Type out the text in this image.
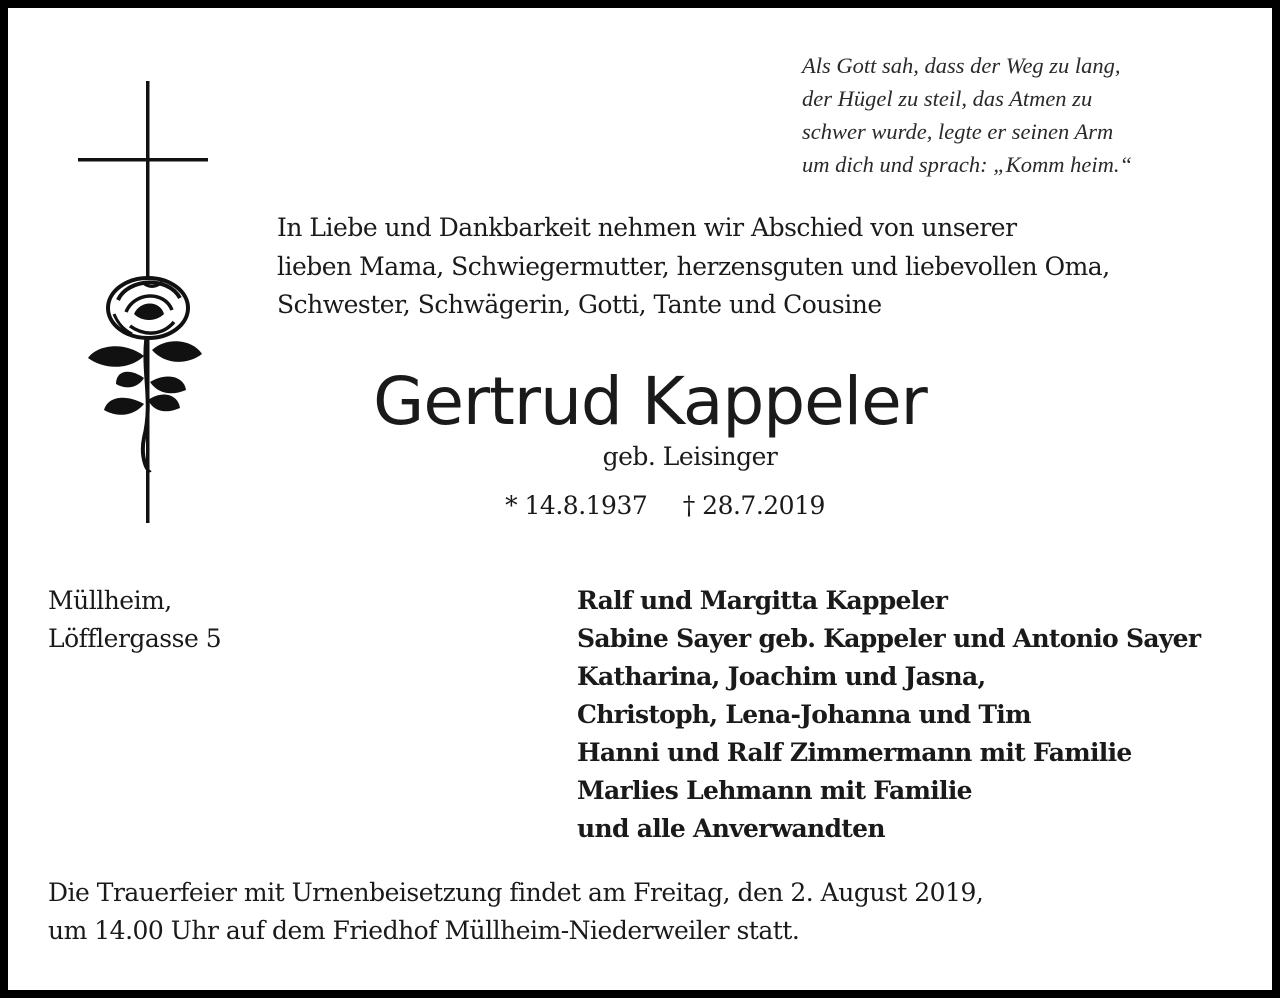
Als Gott sah, dass der Weg zu lang,
der Hügel zu steil, das Atmen zu
schwer wurde, legte er seinen Arm
um dich und sprach: „Komm heim.“
In Liebe und Dankbarkeit nehmen wir Abschied von unserer
lieben Mama, Schwiegermutter, herzensguten und liebevollen Oma,
Schwester, Schwägerin, Gotti, Tante und Cousine
Gertrud Kappeler
geb. Leisinger
* 14.8.1937 † 28.7.2019
Müllheim,
Löfflergasse 5
Ralf und Margitta Kappeler
Sabine Sayer geb. Kappeler und Antonio Sayer
Katharina, Joachim und Jasna,
Christoph, Lena-Johanna und Tim
Hanni und Ralf Zimmermann mit Familie
Marlies Lehmann mit Familie
und alle Anverwandten
Die Trauerfeier mit Urnenbeisetzung findet am Freitag, den 2. August 2019,
um 14.00 Uhr auf dem Friedhof Müllheim-Niederweiler statt.
